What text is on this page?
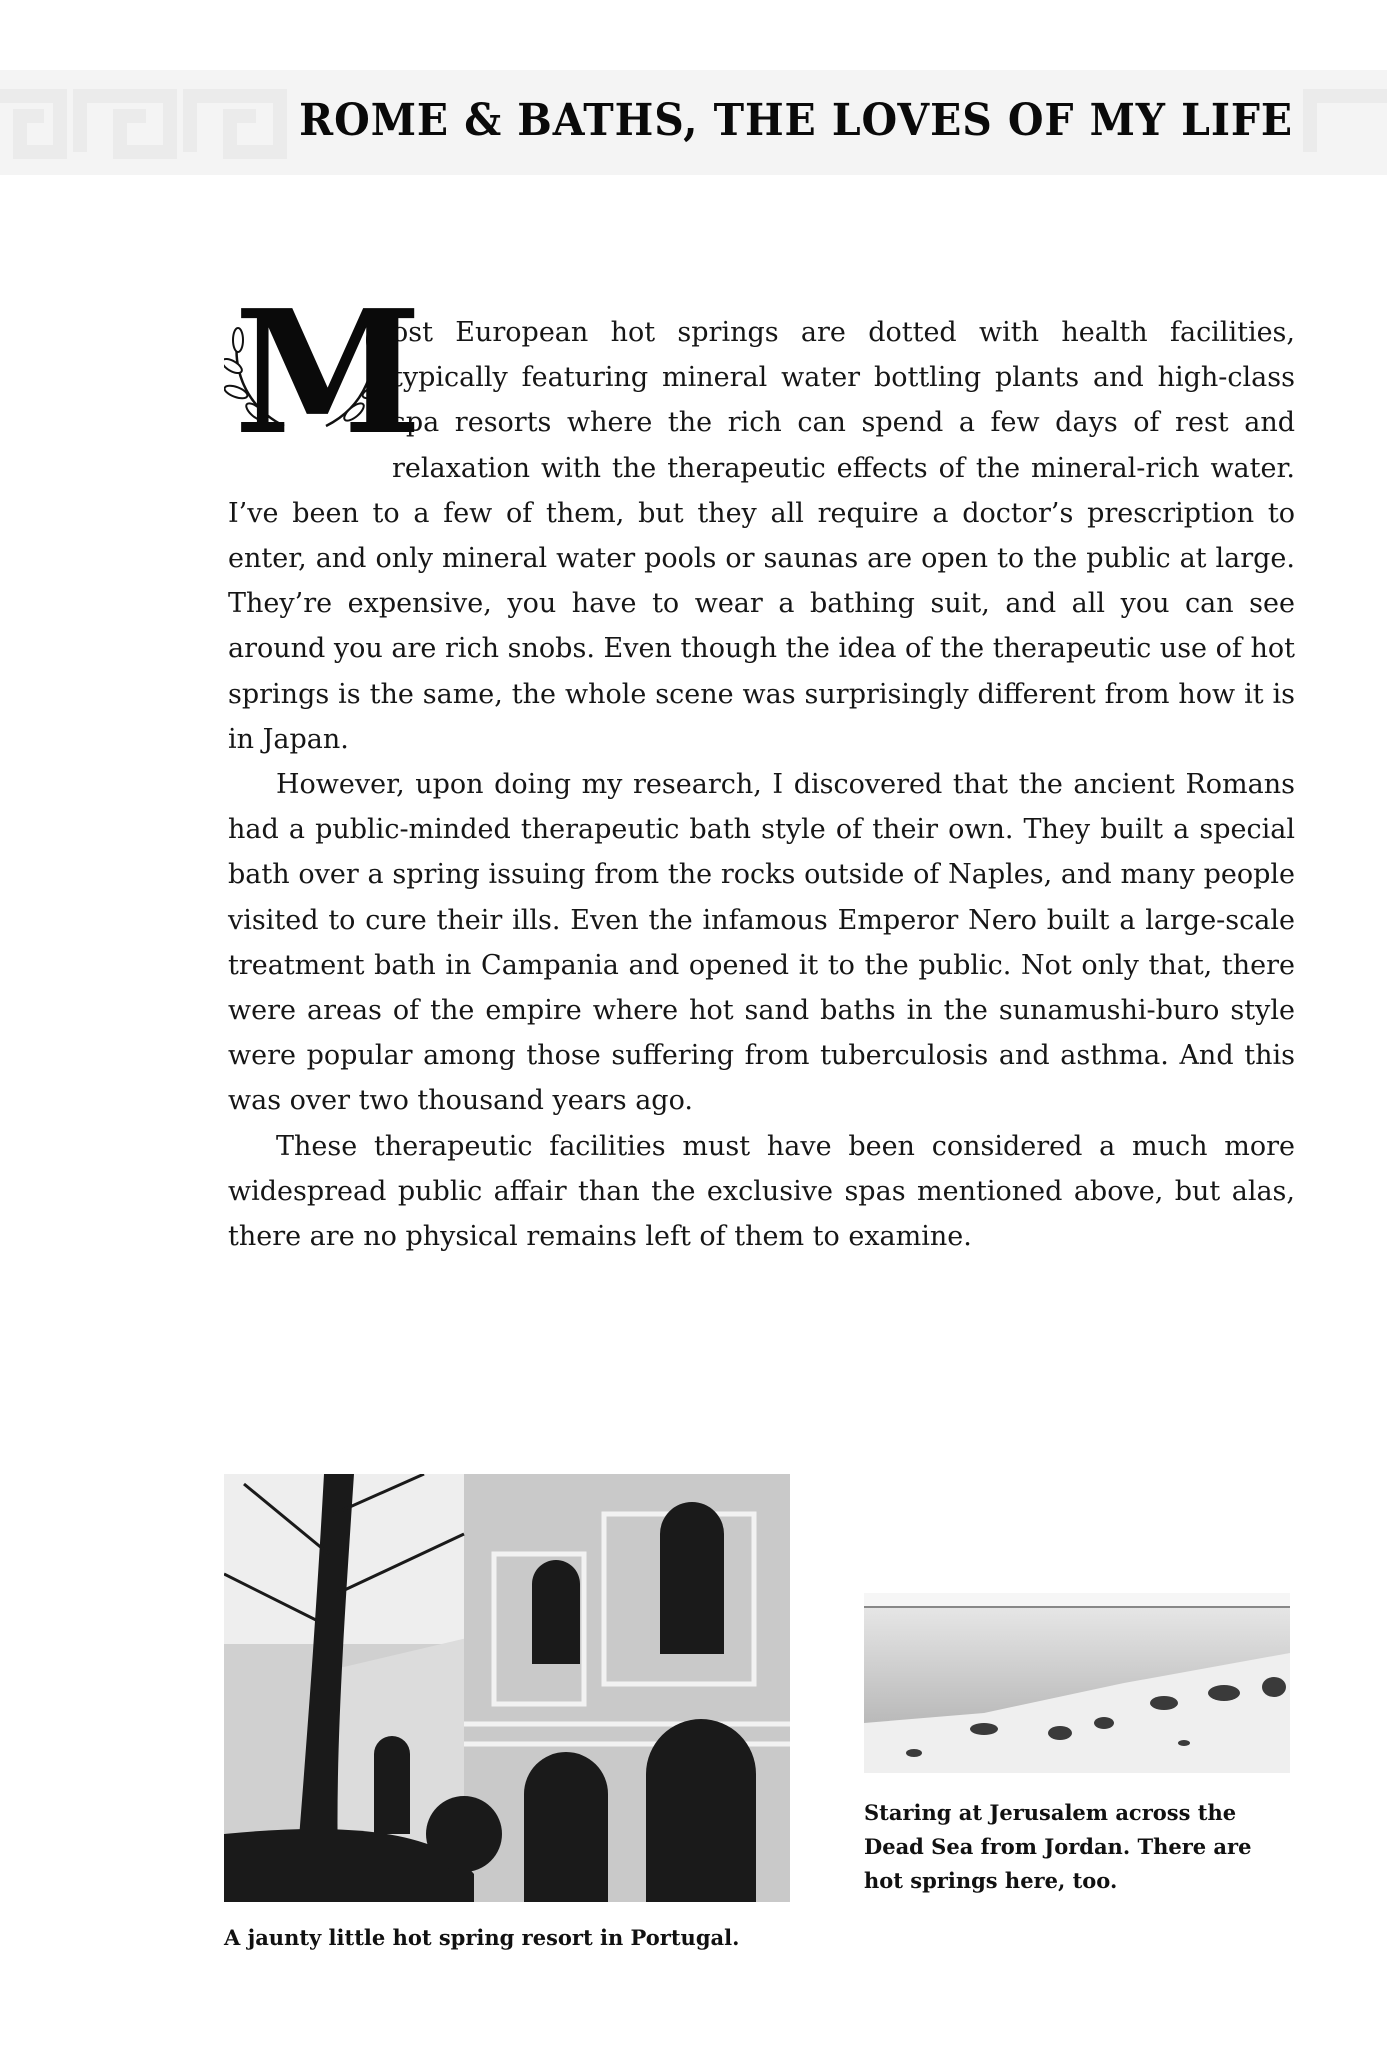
ROME & BATHS, THE LOVES OF MY LIFE

M
ost European hot springs are dotted with health facilities, typically featuring mineral water bottling plants and high-class spa resorts where the rich can spend a few days of rest and relaxation with the therapeutic effects of the mineral-rich water. I’ve been to a few of them, but they all require a doctor’s prescription to enter, and only mineral water pools or saunas are open to the public at large. They’re expensive, you have to wear a bathing suit, and all you can see around you are rich snobs. Even though the idea of the therapeutic use of hot springs is the same, the whole scene was surprisingly different from how it is in Japan.

However, upon doing my research, I discovered that the ancient Romans had a public-minded therapeutic bath style of their own. They built a special bath over a spring issuing from the rocks outside of Naples, and many people visited to cure their ills. Even the infamous Emperor Nero built a large-scale treatment bath in Campania and opened it to the public. Not only that, there were areas of the empire where hot sand baths in the sunamushi-buro style were popular among those suffering from tuberculosis and asthma. And this was over two thousand years ago.

These therapeutic facilities must have been considered a much more widespread public affair than the exclusive spas mentioned above, but alas, there are no physical remains left of them to examine.

A jaunty little hot spring resort in Portugal.
Staring at Jerusalem across the Dead Sea from Jordan. There are hot springs here, too.
